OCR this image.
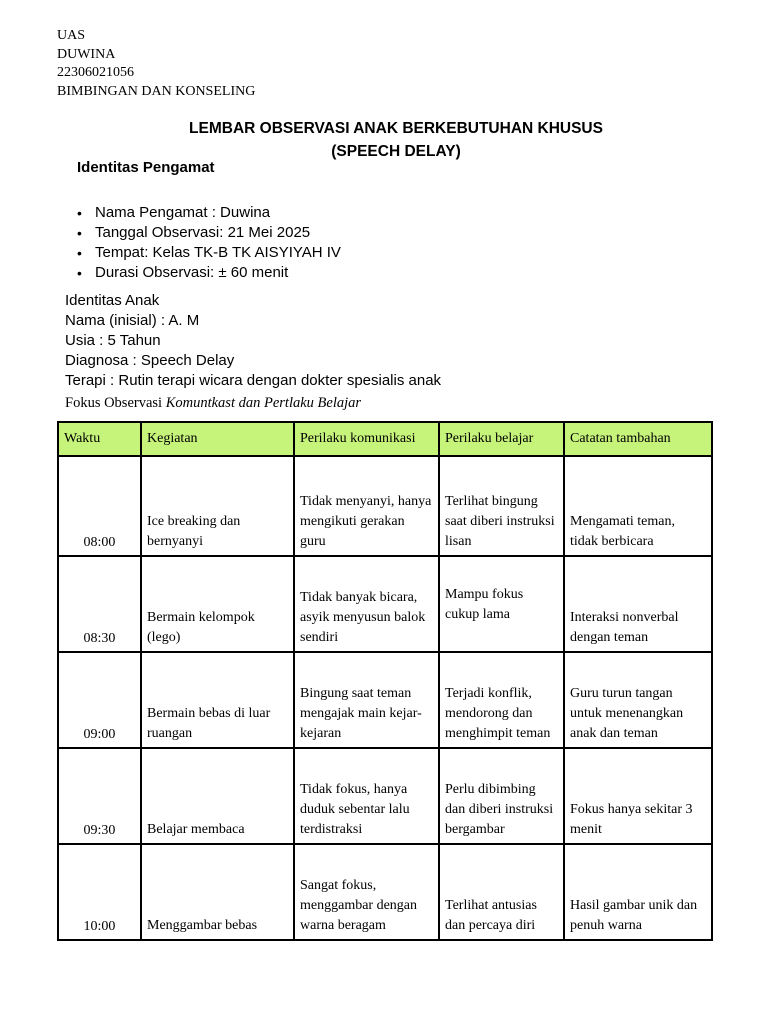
UAS
DUWINA
22306021056
BIMBINGAN DAN KONSELING
LEMBAR OBSERVASI ANAK BERKEBUTUHAN KHUSUS
(SPEECH DELAY)
Identitas Pengamat
• Nama Pengamat : Duwina
• Tanggal Observasi: 21 Mei 2025
• Tempat: Kelas TK-B TK AISYIYAH IV
• Durasi Observasi: ± 60 menit
Identitas Anak
Nama (inisial) : A. M
Usia : 5 Tahun
Diagnosa : Speech Delay
Terapi : Rutin terapi wicara dengan dokter spesialis anak
Fokus Observasi Komuntkast dan Pertlaku Belajar
Waktu	Kegiatan	Perilaku komunikasi	Perilaku belajar	Catatan tambahan
08:00	Ice breaking dan bernyanyi	Tidak menyanyi, hanya mengikuti gerakan guru	Terlihat bingung saat diberi instruksi lisan	Mengamati teman, tidak berbicara

08:30	Bermain kelompok (lego)	Tidak banyak bicara, asyik menyusun balok sendiri	Mampu fokus cukup lama	Interaksi nonverbal dengan teman

09:00	Bermain bebas di luar ruangan	Bingung saat teman mengajak main kejar-kejaran	Terjadi konflik, mendorong dan menghimpit teman	Guru turun tangan untuk menenangkan anak dan teman

09:30	Belajar membaca	Tidak fokus, hanya duduk sebentar lalu terdistraksi	Perlu dibimbing dan diberi instruksi bergambar	Fokus hanya sekitar 3 menit

10:00	Menggambar bebas	Sangat fokus, menggambar dengan warna beragam	Terlihat antusias dan percaya diri	Hasil gambar unik dan penuh warna
